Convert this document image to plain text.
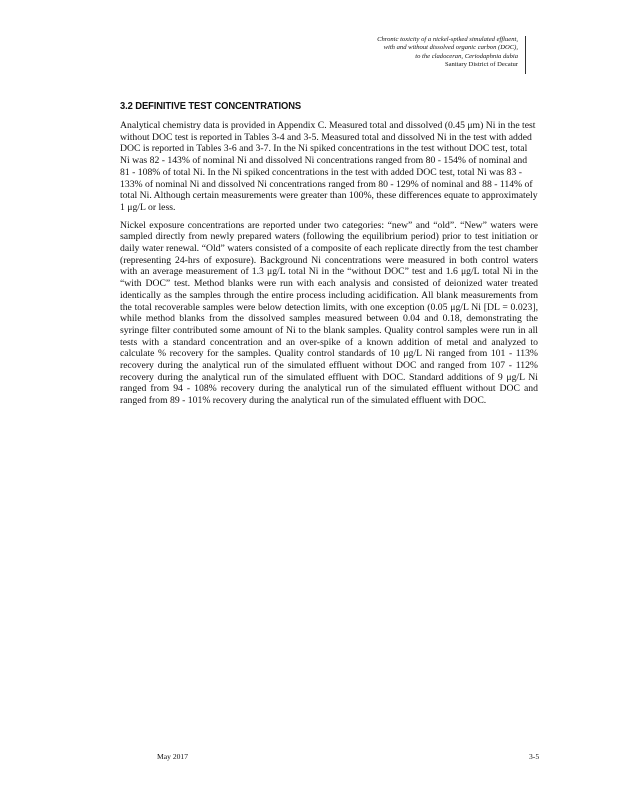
Chronic toxicity of a nickel-spiked simulated effluent,
with and without dissolved organic carbon (DOC),
to the cladoceran, Ceriodaphnia dubia
Sanitary District of Decatur
3.2 DEFINITIVE TEST CONCENTRATIONS

Analytical chemistry data is provided in Appendix C. Measured total and dissolved (0.45 μm) Ni in the test without DOC test is reported in Tables 3-4 and 3-5. Measured total and dissolved Ni in the test with added DOC is reported in Tables 3-6 and 3-7. In the Ni spiked concentrations in the test without DOC test, total Ni was 82 - 143% of nominal Ni and dissolved Ni concentrations ranged from 80 - 154% of nominal and 81 - 108% of total Ni. In the Ni spiked concentrations in the test with added DOC test, total Ni was 83 - 133% of nominal Ni and dissolved Ni concentrations ranged from 80 - 129% of nominal and 88 - 114% of total Ni. Although certain measurements were greater than 100%, these differences equate to approximately 1 μg/L or less.

Nickel exposure concentrations are reported under two categories: “new” and “old”. “New” waters were sampled directly from newly prepared waters (following the equilibrium period) prior to test initiation or daily water renewal. “Old” waters consisted of a composite of each replicate directly from the test chamber (representing 24-hrs of exposure). Background Ni concentrations were measured in both control waters with an average measurement of 1.3 μg/L total Ni in the “without DOC” test and 1.6 μg/L total Ni in the “with DOC” test. Method blanks were run with each analysis and consisted of deionized water treated identically as the samples through the entire process including acidification. All blank measurements from the total recoverable samples were below detection limits, with one exception (0.05 μg/L Ni [DL = 0.023], while method blanks from the dissolved samples measured between 0.04 and 0.18, demonstrating the syringe filter contributed some amount of Ni to the blank samples. Quality control samples were run in all tests with a standard concentration and an over-spike of a known addition of metal and analyzed to calculate % recovery for the samples. Quality control standards of 10 μg/L Ni ranged from 101 - 113% recovery during the analytical run of the simulated effluent without DOC and ranged from 107 - 112% recovery during the analytical run of the simulated effluent with DOC. Standard additions of 9 μg/L Ni ranged from 94 - 108% recovery during the analytical run of the simulated effluent without DOC and ranged from 89 - 101% recovery during the analytical run of the simulated effluent with DOC.

May 2017	3-5
